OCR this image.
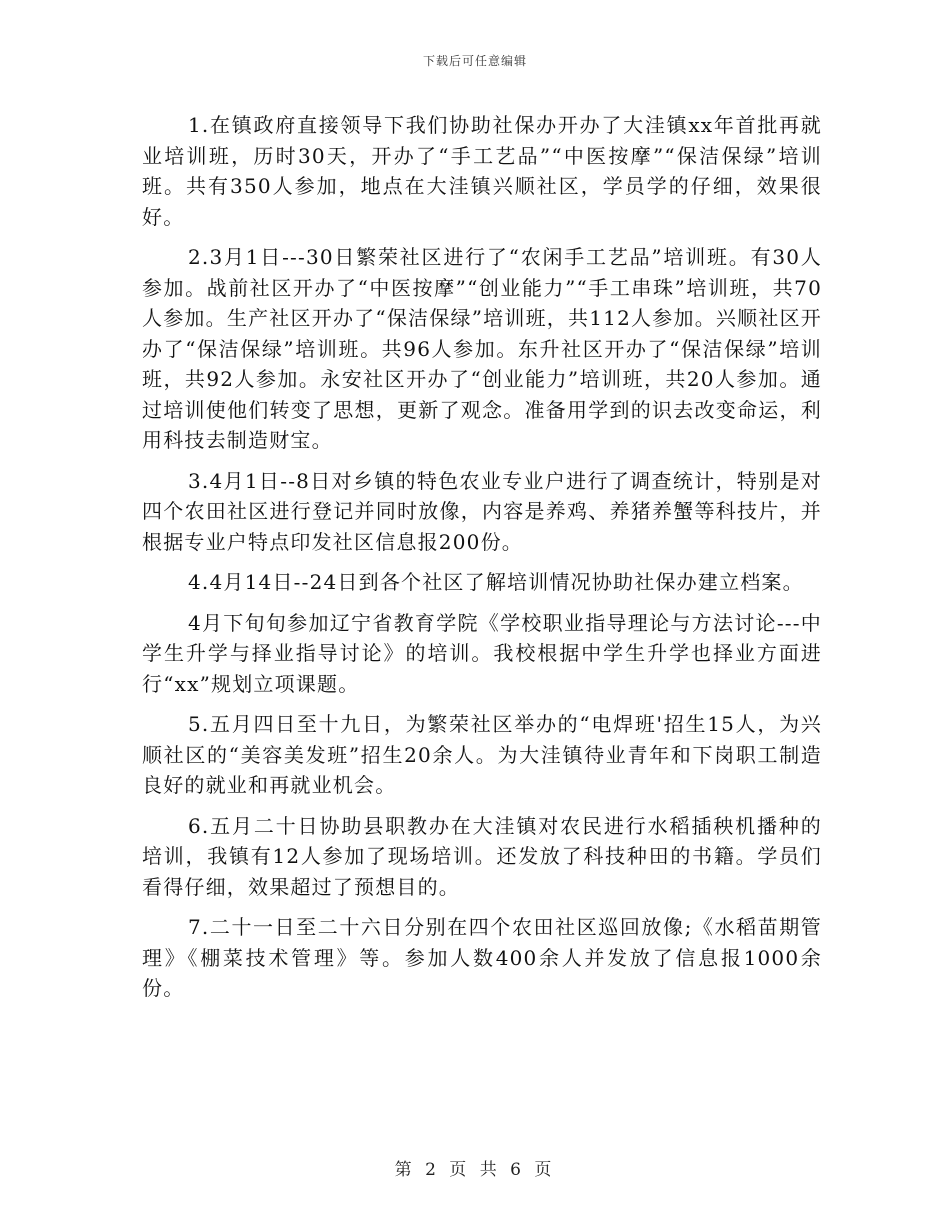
下载后可任意编辑

1.在镇政府直接领导下我们协助社保办开办了大洼镇xx年首批再就业培训班，历时30天，开办了“手工艺品”“中医按摩”“保洁保绿”培训班。共有350人参加，地点在大洼镇兴顺社区，学员学的仔细，效果很好。

2.3月1日---30日繁荣社区进行了“农闲手工艺品”培训班。有30人参加。战前社区开办了“中医按摩”“创业能力”“手工串珠”培训班，共70人参加。生产社区开办了“保洁保绿”培训班，共112人参加。兴顺社区开办了“保洁保绿”培训班。共96人参加。东升社区开办了“保洁保绿”培训班，共92人参加。永安社区开办了“创业能力”培训班，共20人参加。通过培训使他们转变了思想，更新了观念。准备用学到的识去改变命运，利用科技去制造财宝。

3.4月1日--8日对乡镇的特色农业专业户进行了调查统计，特别是对四个农田社区进行登记并同时放像，内容是养鸡、养猪养蟹等科技片，并根据专业户特点印发社区信息报200份。

4.4月14日--24日到各个社区了解培训情况协助社保办建立档案。

4月下旬旬参加辽宁省教育学院《学校职业指导理论与方法讨论---中学生升学与择业指导讨论》的培训。我校根据中学生升学也择业方面进行“xx”规划立项课题。

5.五月四日至十九日，为繁荣社区举办的“电焊班'招生15人，为兴顺社区的“美容美发班”招生20余人。为大洼镇待业青年和下岗职工制造良好的就业和再就业机会。

6.五月二十日协助县职教办在大洼镇对农民进行水稻插秧机播种的培训，我镇有12人参加了现场培训。还发放了科技种田的书籍。学员们看得仔细，效果超过了预想目的。

7.二十一日至二十六日分别在四个农田社区巡回放像;《水稻苗期管理》《棚菜技术管理》等。参加人数400余人并发放了信息报1000余份。

第 2 页 共 6 页
